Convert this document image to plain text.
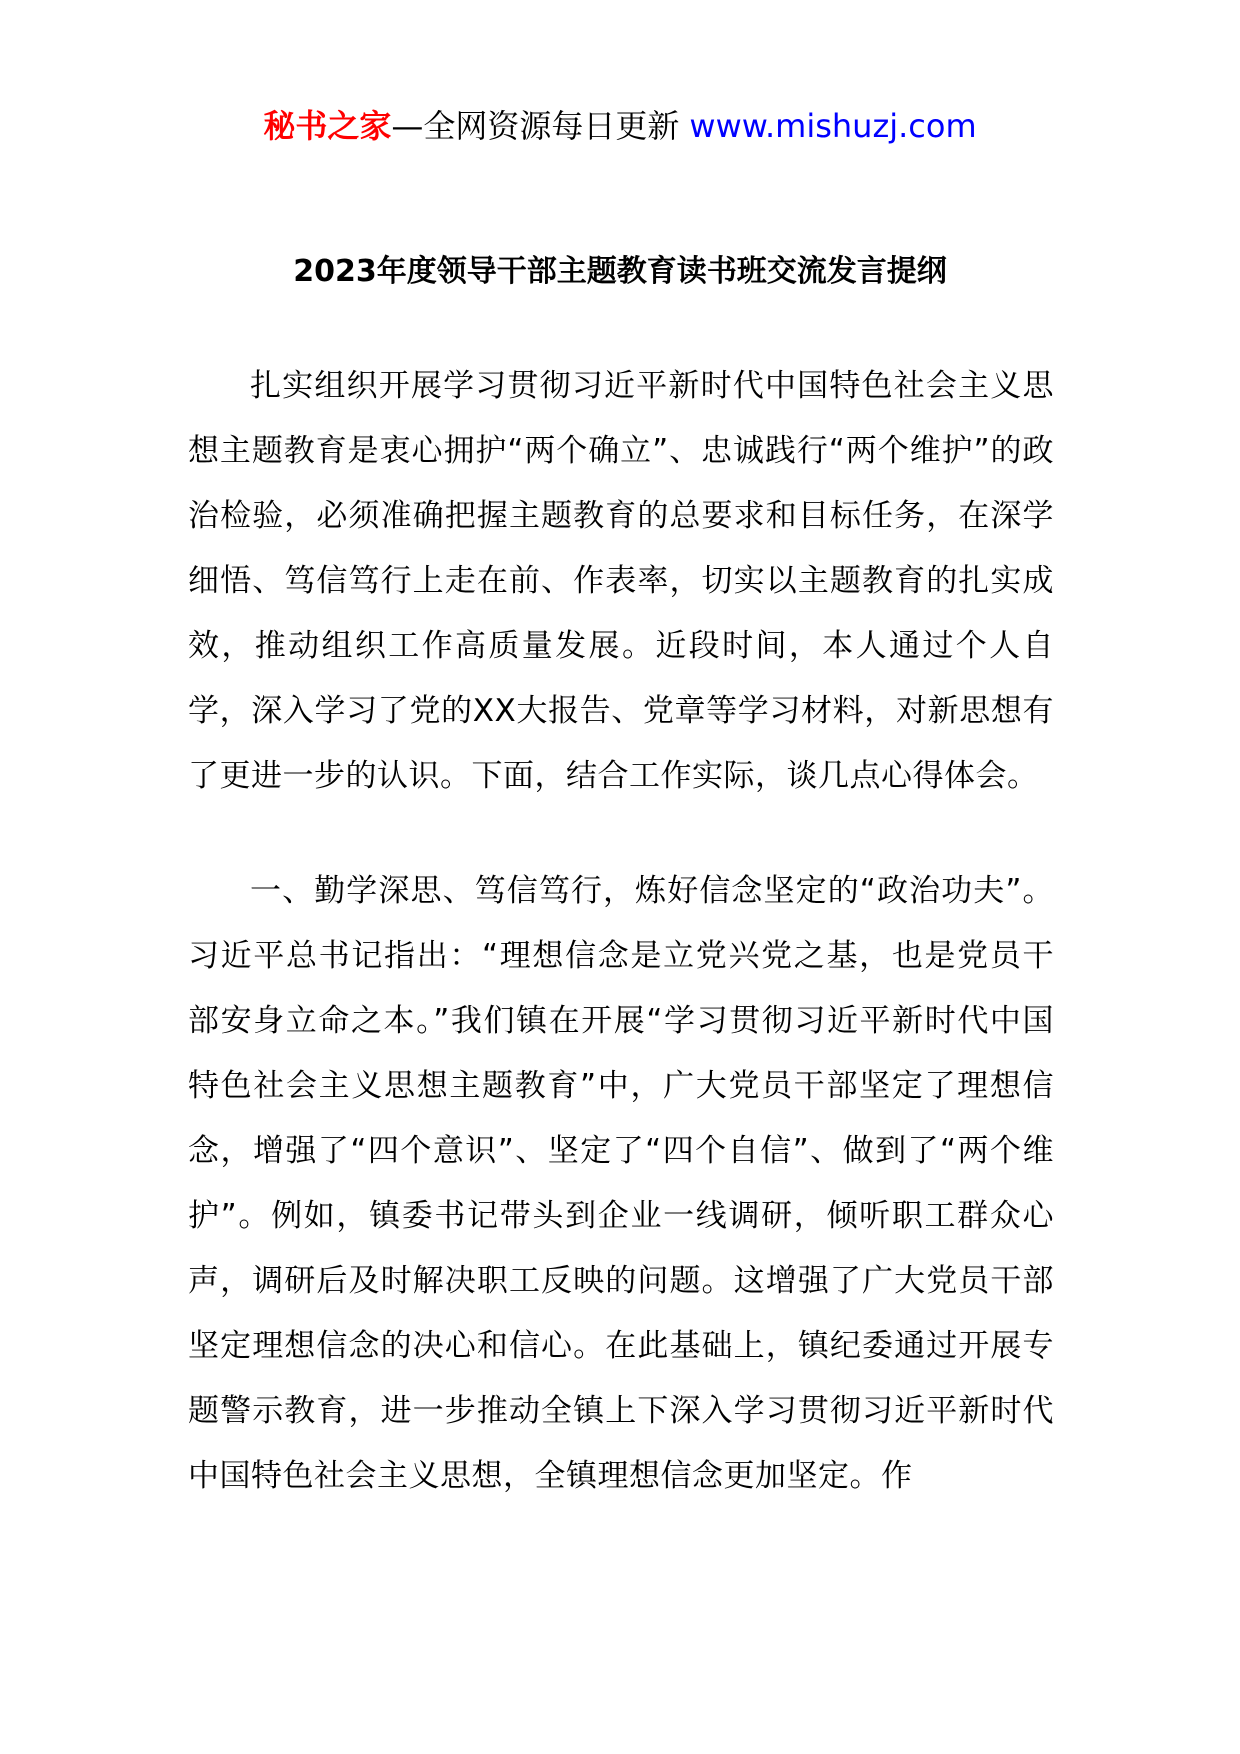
秘书之家—全网资源每日更新 www.mishuzj.com
2023年度领导干部主题教育读书班交流发言提纲

扎实组织开展学习贯彻习近平新时代中国特色社会主义思想主题教育是衷心拥护“两个确立”、忠诚践行“两个维护”的政治检验，必须准确把握主题教育的总要求和目标任务，在深学细悟、笃信笃行上走在前、作表率，切实以主题教育的扎实成效，推动组织工作高质量发展。近段时间，本人通过个人自学，深入学习了党的XX大报告、党章等学习材料，对新思想有了更进一步的认识。下面，结合工作实际，谈几点心得体会。

一、勤学深思、笃信笃行，炼好信念坚定的“政治功夫”。习近平总书记指出：“理想信念是立党兴党之基，也是党员干部安身立命之本。”我们镇在开展“学习贯彻习近平新时代中国特色社会主义思想主题教育”中，广大党员干部坚定了理想信念，增强了“四个意识”、坚定了“四个自信”、做到了“两个维护”。例如，镇委书记带头到企业一线调研，倾听职工群众心声，调研后及时解决职工反映的问题。这增强了广大党员干部坚定理想信念的决心和信心。在此基础上，镇纪委通过开展专题警示教育，进一步推动全镇上下深入学习贯彻习近平新时代中国特色社会主义思想，全镇理想信念更加坚定。作
